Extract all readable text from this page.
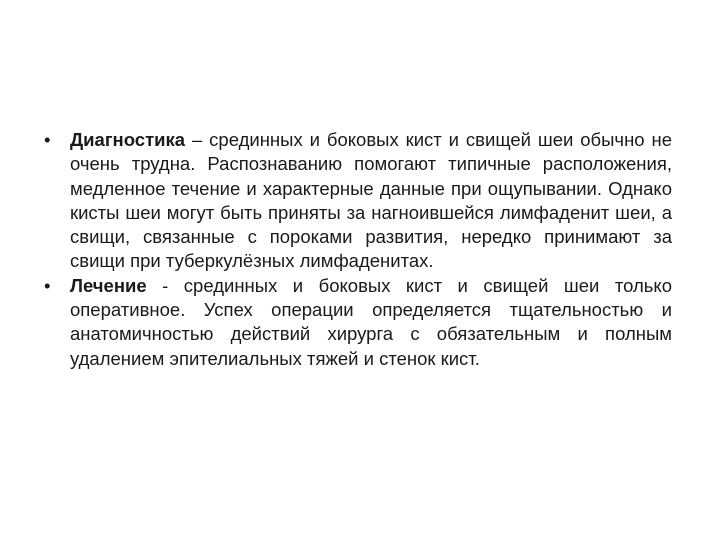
•	Диагностика – срединных и боковых кист и свищей шеи обычно не очень трудна. Распознаванию помогают типичные расположения, медленное течение и характерные данные при ощупывании. Однако кисты шеи могут быть приняты за нагноившейся лимфаденит шеи, а свищи, связанные с пороками развития, нередко принимают за свищи при туберкулёзных лимфаденитах.
•	Лечение - срединных и боковых кист и свищей шеи только оперативное. Успех операции определяется тщательностью и анатомичностью действий хирурга с обязательным и полным удалением эпителиальных тяжей и стенок кист.
